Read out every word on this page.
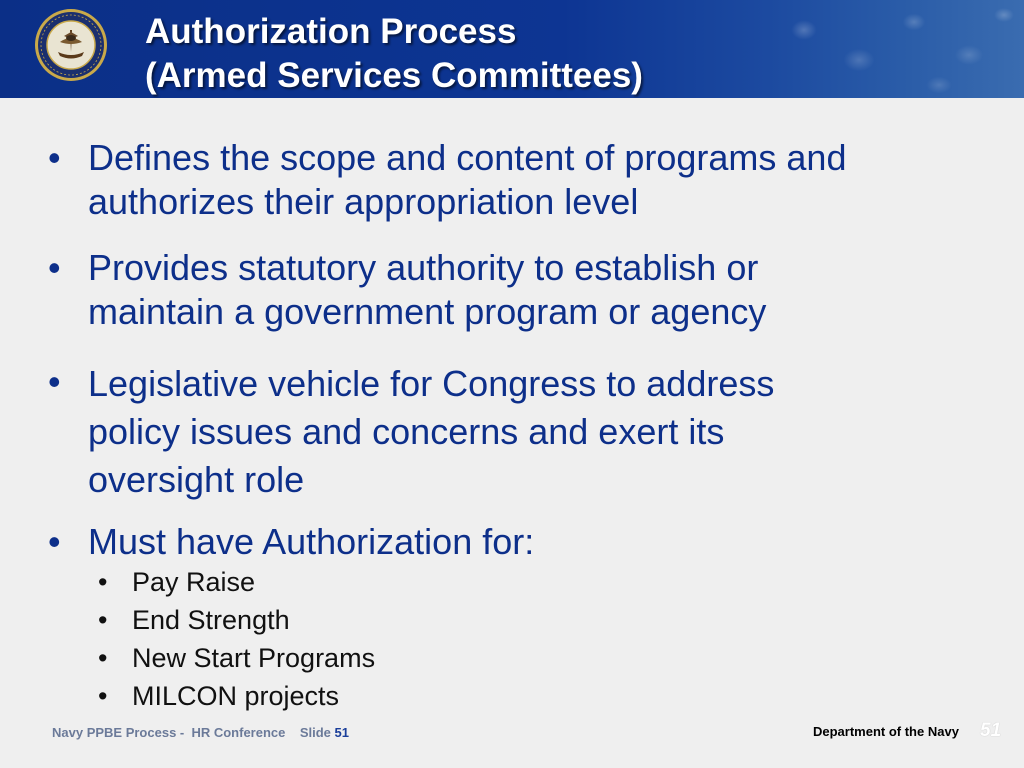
Authorization Process
(Armed Services Committees)
• Defines the scope and content of programs and
authorizes their appropriation level
• Provides statutory authority to establish or
maintain a government program or agency
• Legislative vehicle for Congress to address
policy issues and concerns and exert its
oversight role
• Must have Authorization for:
• Pay Raise
• End Strength
• New Start Programs
• MILCON projects
Navy PPBE Process -  HR Conference    Slide 51	Department of the Navy 51
